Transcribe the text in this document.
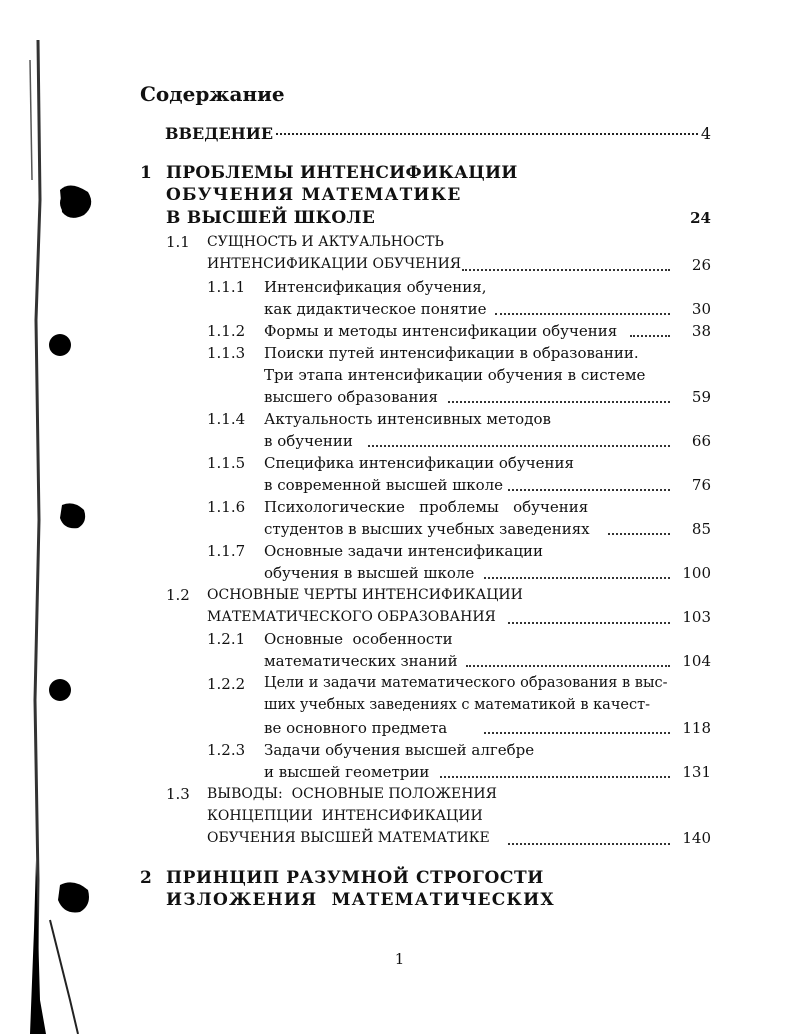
Содержание
ВВЕДЕНИЕ	4
1 ПРОБЛЕМЫ ИНТЕНСИФИКАЦИИ
ОБУЧЕНИЯ МАТЕМАТИКЕ
В ВЫСШЕЙ ШКОЛЕ	24
1.1 СУЩНОСТЬ И АКТУАЛЬНОСТЬ
ИНТЕНСИФИКАЦИИ ОБУЧЕНИЯ	26
1.1.1 Интенсификация обучения,
как дидактическое понятие	30
1.1.2 Формы и методы интенсификации обучения	38
1.1.3 Поиски путей интенсификации в образовании.
Три этапа интенсификации обучения в системе
высшего образования	59
1.1.4 Актуальность интенсивных методов
в обучении	66
1.1.5 Специфика интенсификации обучения
в современной высшей школе	76
1.1.6 Психологические   проблемы   обучения
студентов в высших учебных заведениях	85
1.1.7 Основные задачи интенсификации
обучения в высшей школе	100
1.2 ОСНОВНЫЕ ЧЕРТЫ ИНТЕНСИФИКАЦИИ
МАТЕМАТИЧЕСКОГО ОБРАЗОВАНИЯ	103
1.2.1 Основные  особенности
математических знаний	104
1.2.2 Цели и задачи математического образования в выс-
ших учебных заведениях с математикой в качест-
ве основного предмета	118
1.2.3 Задачи обучения высшей алгебре
и высшей геометрии	131
1.3 ВЫВОДЫ:  ОСНОВНЫЕ ПОЛОЖЕНИЯ
КОНЦЕПЦИИ  ИНТЕНСИФИКАЦИИ
ОБУЧЕНИЯ ВЫСШЕЙ МАТЕМАТИКЕ	140
2 ПРИНЦИП РАЗУМНОЙ СТРОГОСТИ
ИЗЛОЖЕНИЯ  МАТЕМАТИЧЕСКИХ
1
